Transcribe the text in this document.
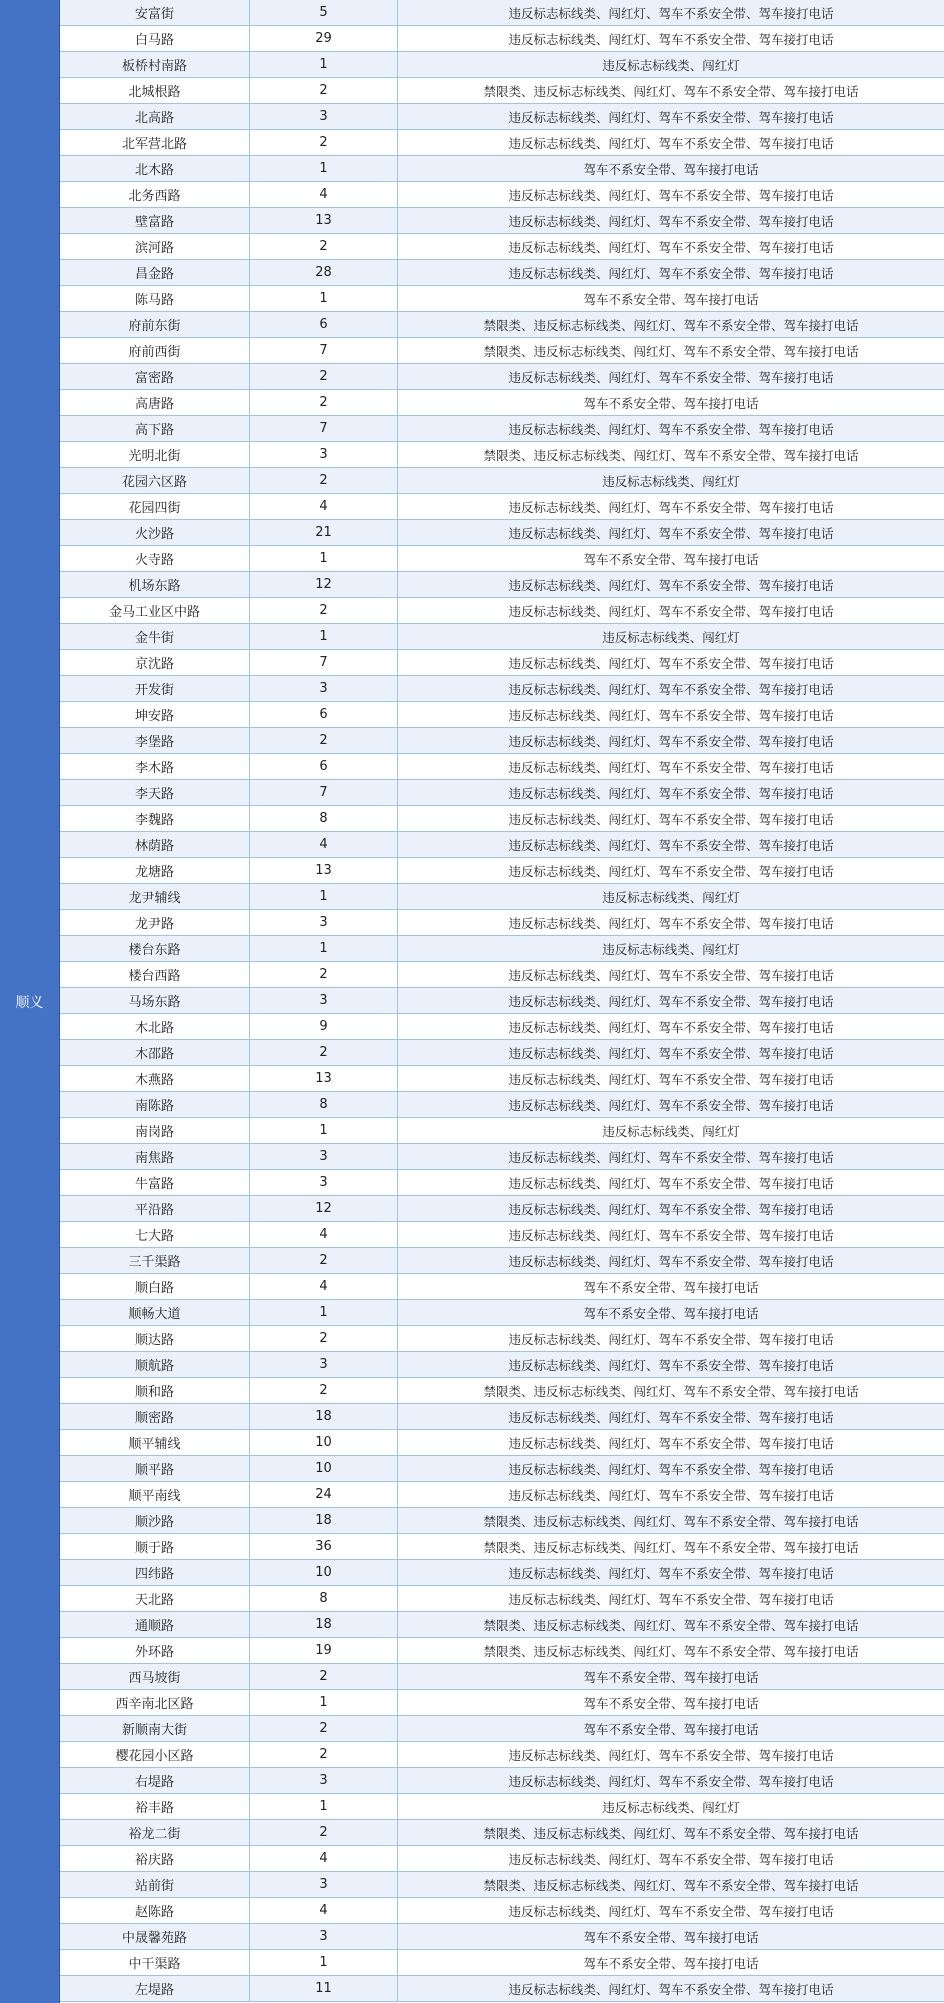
顺义
安富街	5	违反标志标线类、闯红灯、驾车不系安全带、驾车接打电话
白马路	29	违反标志标线类、闯红灯、驾车不系安全带、驾车接打电话
板桥村南路	1	违反标志标线类、闯红灯
北城根路	2	禁限类、违反标志标线类、闯红灯、驾车不系安全带、驾车接打电话
北高路	3	违反标志标线类、闯红灯、驾车不系安全带、驾车接打电话
北军营北路	2	违反标志标线类、闯红灯、驾车不系安全带、驾车接打电话
北木路	1	驾车不系安全带、驾车接打电话
北务西路	4	违反标志标线类、闯红灯、驾车不系安全带、驾车接打电话
壁富路	13	违反标志标线类、闯红灯、驾车不系安全带、驾车接打电话
滨河路	2	违反标志标线类、闯红灯、驾车不系安全带、驾车接打电话
昌金路	28	违反标志标线类、闯红灯、驾车不系安全带、驾车接打电话
陈马路	1	驾车不系安全带、驾车接打电话
府前东街	6	禁限类、违反标志标线类、闯红灯、驾车不系安全带、驾车接打电话
府前西街	7	禁限类、违反标志标线类、闯红灯、驾车不系安全带、驾车接打电话
富密路	2	违反标志标线类、闯红灯、驾车不系安全带、驾车接打电话
高唐路	2	驾车不系安全带、驾车接打电话
高下路	7	违反标志标线类、闯红灯、驾车不系安全带、驾车接打电话
光明北街	3	禁限类、违反标志标线类、闯红灯、驾车不系安全带、驾车接打电话
花园六区路	2	违反标志标线类、闯红灯
花园四街	4	违反标志标线类、闯红灯、驾车不系安全带、驾车接打电话
火沙路	21	违反标志标线类、闯红灯、驾车不系安全带、驾车接打电话
火寺路	1	驾车不系安全带、驾车接打电话
机场东路	12	违反标志标线类、闯红灯、驾车不系安全带、驾车接打电话
金马工业区中路	2	违反标志标线类、闯红灯、驾车不系安全带、驾车接打电话
金牛街	1	违反标志标线类、闯红灯
京沈路	7	违反标志标线类、闯红灯、驾车不系安全带、驾车接打电话
开发街	3	违反标志标线类、闯红灯、驾车不系安全带、驾车接打电话
坤安路	6	违反标志标线类、闯红灯、驾车不系安全带、驾车接打电话
李堡路	2	违反标志标线类、闯红灯、驾车不系安全带、驾车接打电话
李木路	6	违反标志标线类、闯红灯、驾车不系安全带、驾车接打电话
李天路	7	违反标志标线类、闯红灯、驾车不系安全带、驾车接打电话
李魏路	8	违反标志标线类、闯红灯、驾车不系安全带、驾车接打电话
林荫路	4	违反标志标线类、闯红灯、驾车不系安全带、驾车接打电话
龙塘路	13	违反标志标线类、闯红灯、驾车不系安全带、驾车接打电话
龙尹辅线	1	违反标志标线类、闯红灯
龙尹路	3	违反标志标线类、闯红灯、驾车不系安全带、驾车接打电话
楼台东路	1	违反标志标线类、闯红灯
楼台西路	2	违反标志标线类、闯红灯、驾车不系安全带、驾车接打电话
马场东路	3	违反标志标线类、闯红灯、驾车不系安全带、驾车接打电话
木北路	9	违反标志标线类、闯红灯、驾车不系安全带、驾车接打电话
木邵路	2	违反标志标线类、闯红灯、驾车不系安全带、驾车接打电话
木燕路	13	违反标志标线类、闯红灯、驾车不系安全带、驾车接打电话
南陈路	8	违反标志标线类、闯红灯、驾车不系安全带、驾车接打电话
南岗路	1	违反标志标线类、闯红灯
南焦路	3	违反标志标线类、闯红灯、驾车不系安全带、驾车接打电话
牛富路	3	违反标志标线类、闯红灯、驾车不系安全带、驾车接打电话
平沿路	12	违反标志标线类、闯红灯、驾车不系安全带、驾车接打电话
七大路	4	违反标志标线类、闯红灯、驾车不系安全带、驾车接打电话
三千渠路	2	违反标志标线类、闯红灯、驾车不系安全带、驾车接打电话
顺白路	4	驾车不系安全带、驾车接打电话
顺畅大道	1	驾车不系安全带、驾车接打电话
顺达路	2	违反标志标线类、闯红灯、驾车不系安全带、驾车接打电话
顺航路	3	违反标志标线类、闯红灯、驾车不系安全带、驾车接打电话
顺和路	2	禁限类、违反标志标线类、闯红灯、驾车不系安全带、驾车接打电话
顺密路	18	违反标志标线类、闯红灯、驾车不系安全带、驾车接打电话
顺平辅线	10	违反标志标线类、闯红灯、驾车不系安全带、驾车接打电话
顺平路	10	违反标志标线类、闯红灯、驾车不系安全带、驾车接打电话
顺平南线	24	违反标志标线类、闯红灯、驾车不系安全带、驾车接打电话
顺沙路	18	禁限类、违反标志标线类、闯红灯、驾车不系安全带、驾车接打电话
顺于路	36	禁限类、违反标志标线类、闯红灯、驾车不系安全带、驾车接打电话
四纬路	10	违反标志标线类、闯红灯、驾车不系安全带、驾车接打电话
天北路	8	违反标志标线类、闯红灯、驾车不系安全带、驾车接打电话
通顺路	18	禁限类、违反标志标线类、闯红灯、驾车不系安全带、驾车接打电话
外环路	19	禁限类、违反标志标线类、闯红灯、驾车不系安全带、驾车接打电话
西马坡街	2	驾车不系安全带、驾车接打电话
西辛南北区路	1	驾车不系安全带、驾车接打电话
新顺南大街	2	驾车不系安全带、驾车接打电话
樱花园小区路	2	违反标志标线类、闯红灯、驾车不系安全带、驾车接打电话
右堤路	3	违反标志标线类、闯红灯、驾车不系安全带、驾车接打电话
裕丰路	1	违反标志标线类、闯红灯
裕龙二街	2	禁限类、违反标志标线类、闯红灯、驾车不系安全带、驾车接打电话
裕庆路	4	违反标志标线类、闯红灯、驾车不系安全带、驾车接打电话
站前街	3	禁限类、违反标志标线类、闯红灯、驾车不系安全带、驾车接打电话
赵陈路	4	违反标志标线类、闯红灯、驾车不系安全带、驾车接打电话
中晟馨苑路	3	驾车不系安全带、驾车接打电话
中干渠路	1	驾车不系安全带、驾车接打电话
左堤路	11	违反标志标线类、闯红灯、驾车不系安全带、驾车接打电话
